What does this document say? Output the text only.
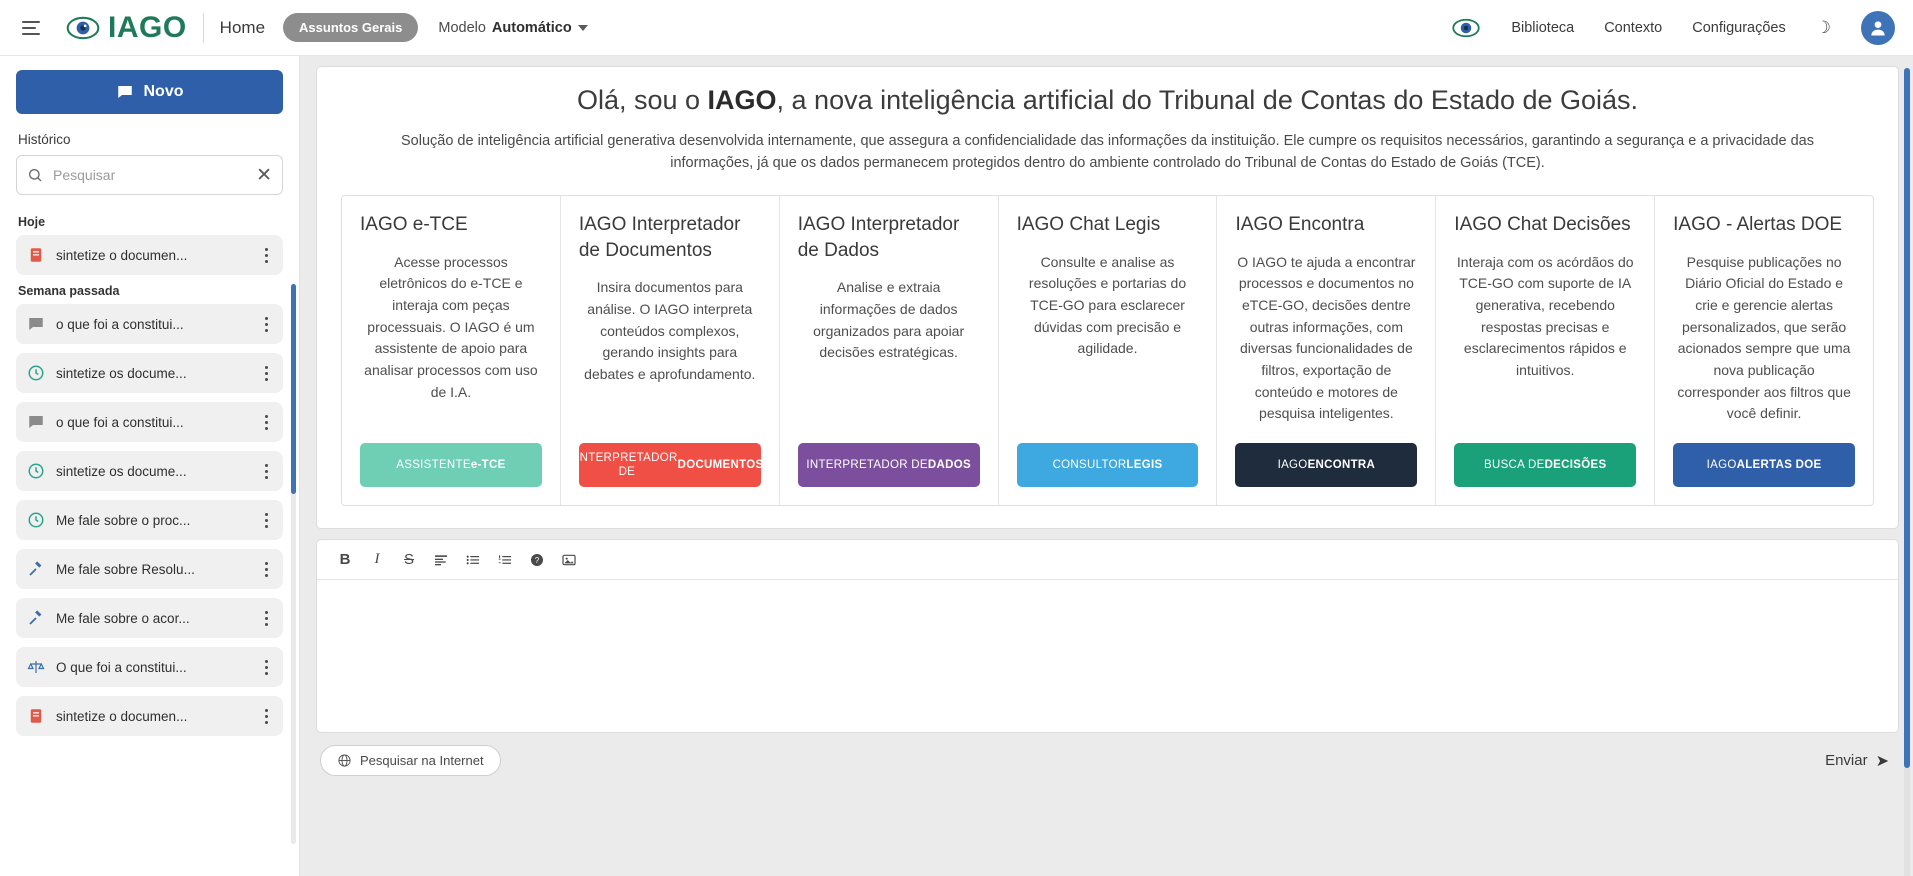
IAGO Home	Assuntos Gerais	Modelo Automático	Biblioteca Contexto Configurações ☽
Novo
Histórico
Pesquisar
✕
Hoje
sintetize o documen...
Semana passada
o que foi a constitui...
sintetize os docume...
o que foi a constitui...
sintetize os docume...
Me fale sobre o proc...
Me fale sobre Resolu...
Me fale sobre o acor...
O que foi a constitui...
sintetize o documen...
Olá, sou o IAGO, a nova inteligência artificial do Tribunal de Contas do Estado de Goiás.

Solução de inteligência artificial generativa desenvolvida internamente, que assegura a confidencialidade das informações da instituição. Ele cumpre os requisitos necessários, garantindo a segurança e a privacidade das informações, já que os dados permanecem protegidos dentro do ambiente controlado do Tribunal de Contas do Estado de Goiás (TCE).

IAGO e-TCE

Acesse processos eletrônicos do e-TCE e interaja com peças processuais. O IAGO é um assistente de apoio para analisar processos com uso de I.A.

ASSISTENTE e-TCE
IAGO Interpretador de Documentos

Insira documentos para análise. O IAGO interpreta conteúdos complexos, gerando insights para debates e aprofundamento.

INTERPRETADOR DE
DOCUMENTOS
IAGO Interpretador de Dados

Analise e extraia informações de dados organizados para apoiar decisões estratégicas.

INTERPRETADOR DE DADOS
IAGO Chat Legis

Consulte e analise as resoluções e portarias do TCE-GO para esclarecer dúvidas com precisão e agilidade.

CONSULTOR LEGIS
IAGO Encontra

O IAGO te ajuda a encontrar processos e documentos no eTCE-GO, decisões dentre outras informações, com diversas funcionalidades de filtros, exportação de conteúdo e motores de pesquisa inteligentes.

IAGO ENCONTRA
IAGO Chat Decisões

Interaja com os acórdãos do TCE-GO com suporte de IA generativa, recebendo respostas precisas e esclarecimentos rápidos e intuitivos.

BUSCA DE DECISÕES
IAGO - Alertas DOE

Pesquise publicações no Diário Oficial do Estado e crie e gerencie alertas personalizados, que serão acionados sempre que uma nova publicação corresponder aos filtros que você definir.

IAGO ALERTAS DOE
B	I	S	?
Pesquisar na Internet	Enviar ➤
